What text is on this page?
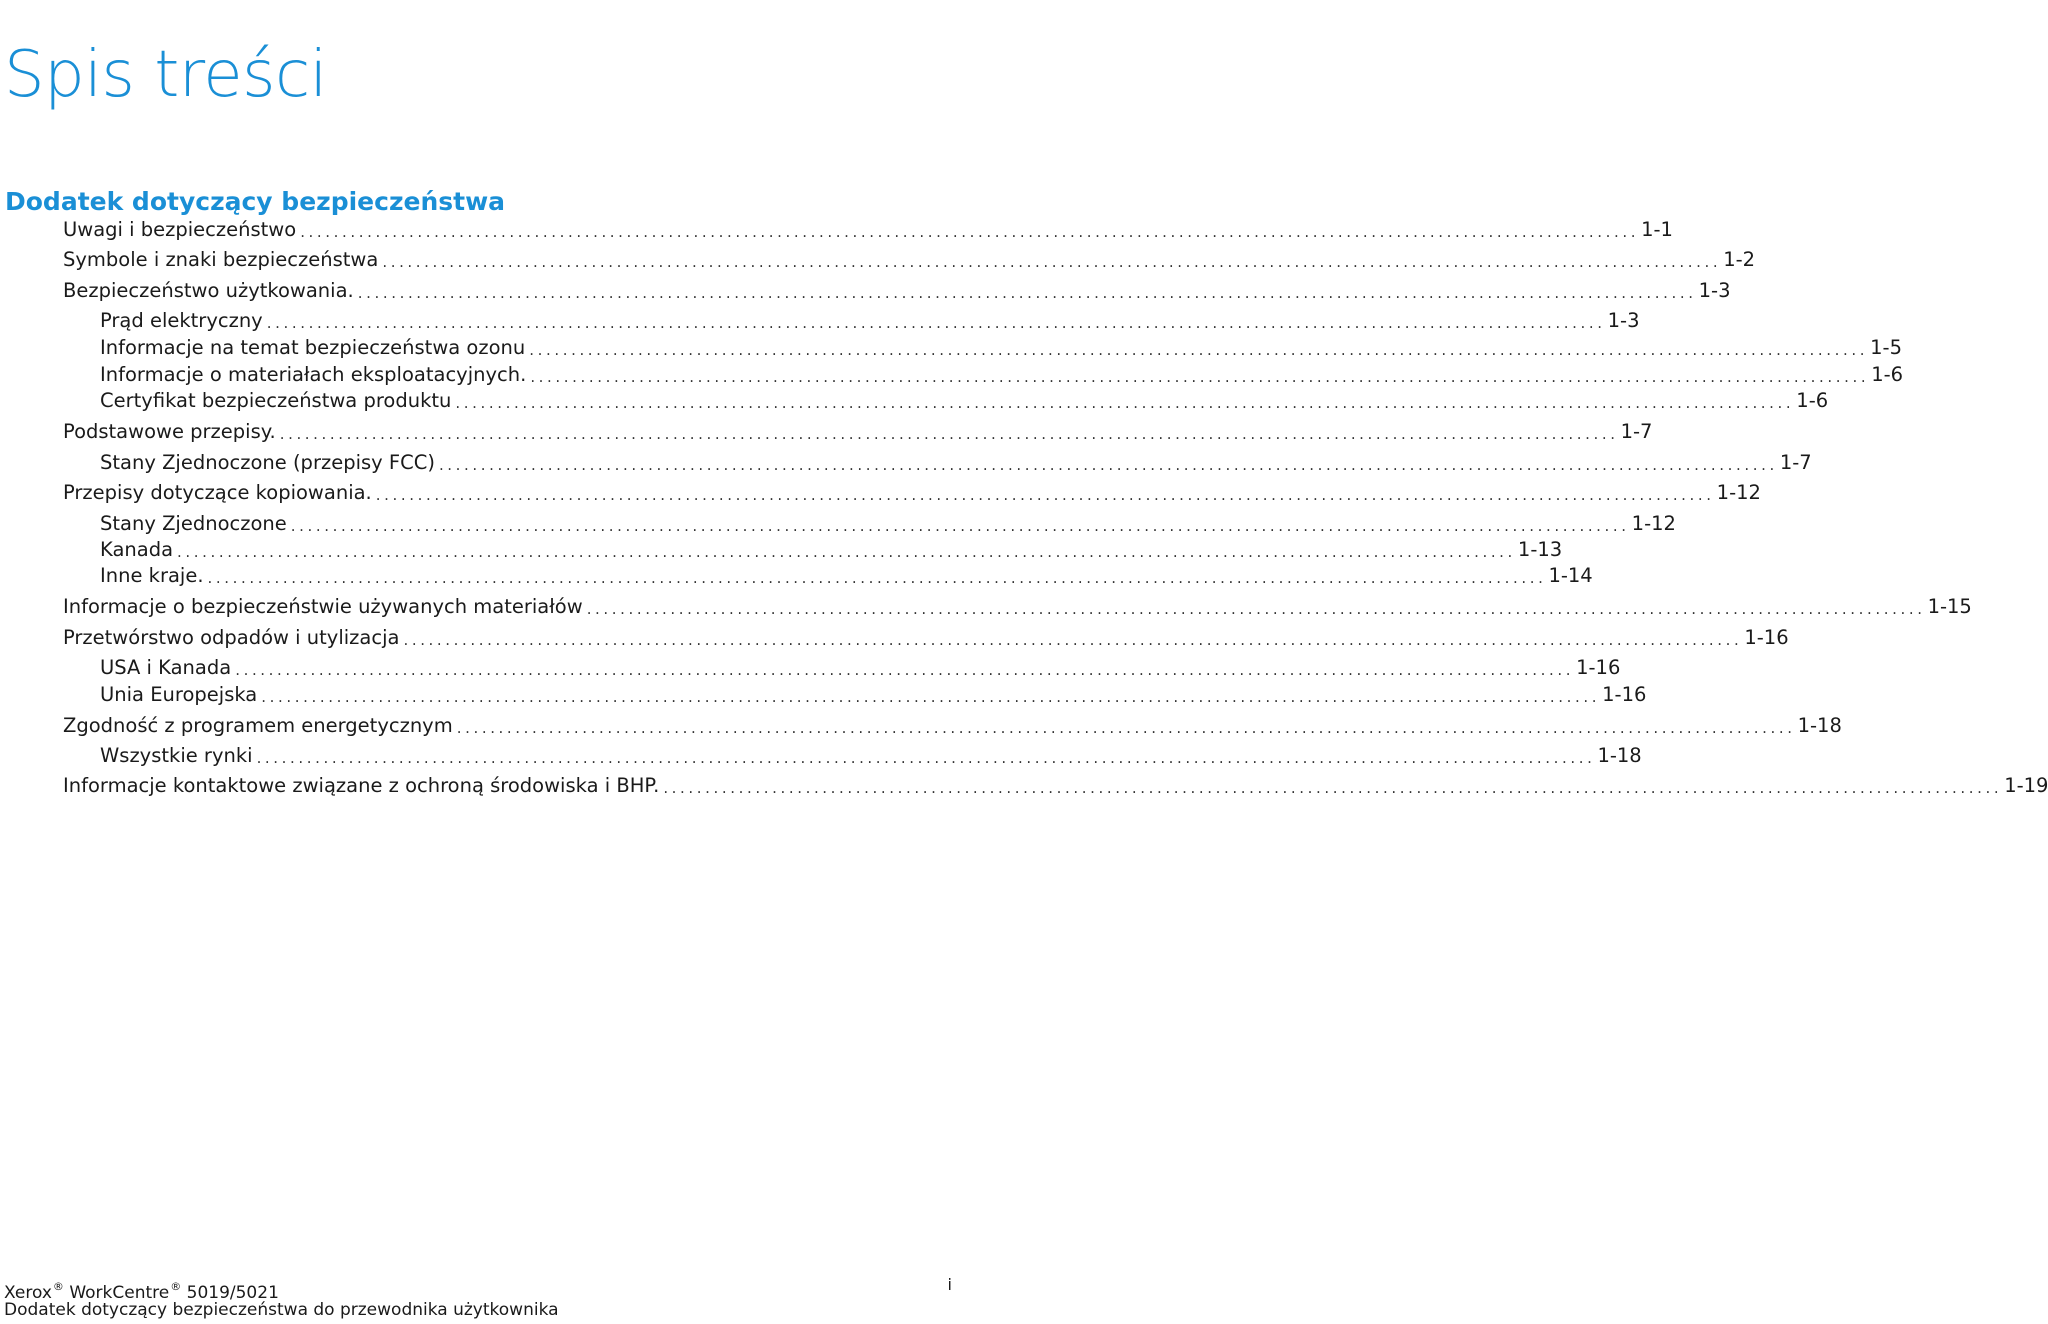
Spis treści
Dodatek dotyczący bezpieczeństwa
Uwagi i bezpieczeństwo ................................................................................................................................................................ 1-1
Symbole i znaki bezpieczeństwa ................................................................................................................................................................ 1-2
Bezpieczeństwo użytkowania. ................................................................................................................................................................ 1-3
Prąd elektryczny ................................................................................................................................................................ 1-3
Informacje na temat bezpieczeństwa ozonu ................................................................................................................................................................ 1-5
Informacje o materiałach eksploatacyjnych. ................................................................................................................................................................ 1-6
Certyfikat bezpieczeństwa produktu ................................................................................................................................................................ 1-6
Podstawowe przepisy. ................................................................................................................................................................ 1-7
Stany Zjednoczone (przepisy FCC) ................................................................................................................................................................ 1-7
Przepisy dotyczące kopiowania. ................................................................................................................................................................ 1-12
Stany Zjednoczone ................................................................................................................................................................ 1-12
Kanada ................................................................................................................................................................ 1-13
Inne kraje. ................................................................................................................................................................ 1-14
Informacje o bezpieczeństwie używanych materiałów ................................................................................................................................................................ 1-15
Przetwórstwo odpadów i utylizacja ................................................................................................................................................................ 1-16
USA i Kanada ................................................................................................................................................................ 1-16
Unia Europejska ................................................................................................................................................................ 1-16
Zgodność z programem energetycznym ................................................................................................................................................................ 1-18
Wszystkie rynki ................................................................................................................................................................ 1-18
Informacje kontaktowe związane z ochroną środowiska i BHP. ................................................................................................................................................................ 1-19
Xerox® WorkCentre® 5019/5021
Dodatek dotyczący bezpieczeństwa do przewodnika użytkownika
i
